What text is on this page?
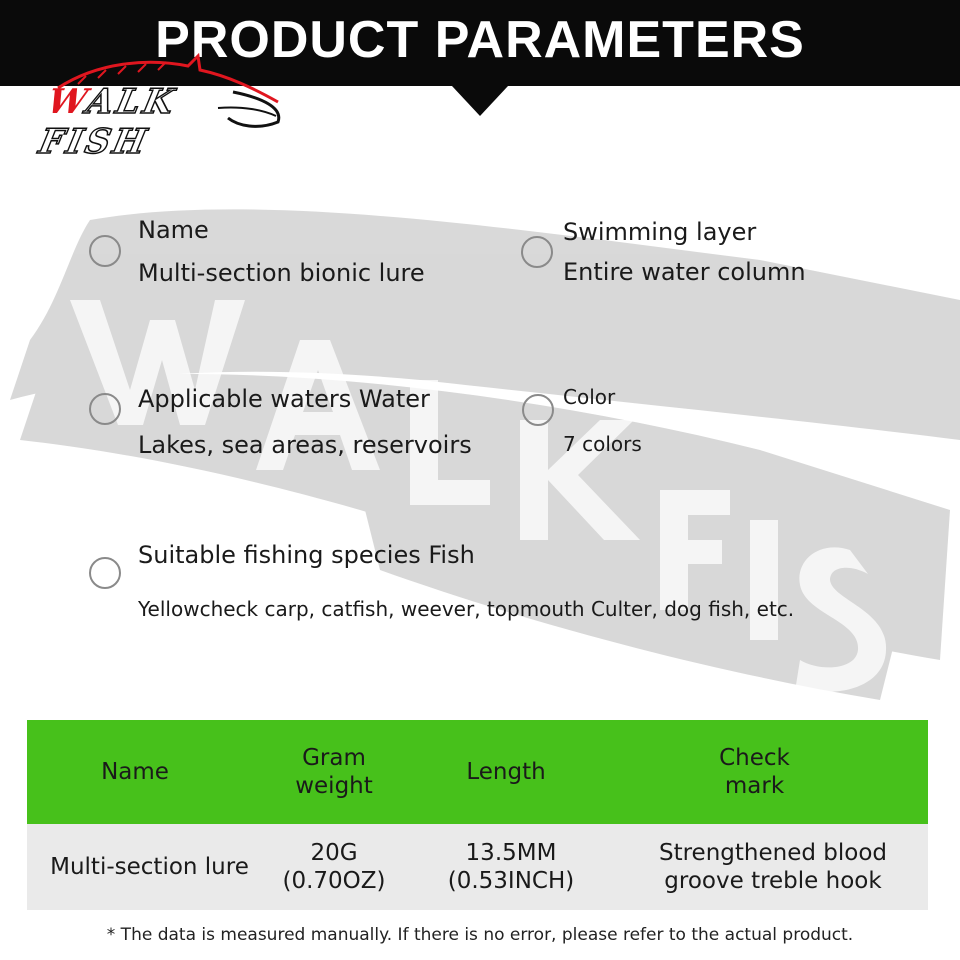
PRODUCT PARAMETERS
WALK FISH
Name
Multi-section bionic lure
Swimming layer
Entire water column
Applicable waters Water
Lakes, sea areas, reservoirs
Color
7 colors
Suitable fishing species Fish
Yellowcheck carp, catfish, weever, topmouth Culter, dog fish, etc.
Name
Gram
weight
Length
Check
mark
Multi-section lure
20G
(0.70OZ)
13.5MM
(0.53INCH)
Strengthened blood
groove treble hook
* The data is measured manually. If there is no error, please refer to the actual product.
